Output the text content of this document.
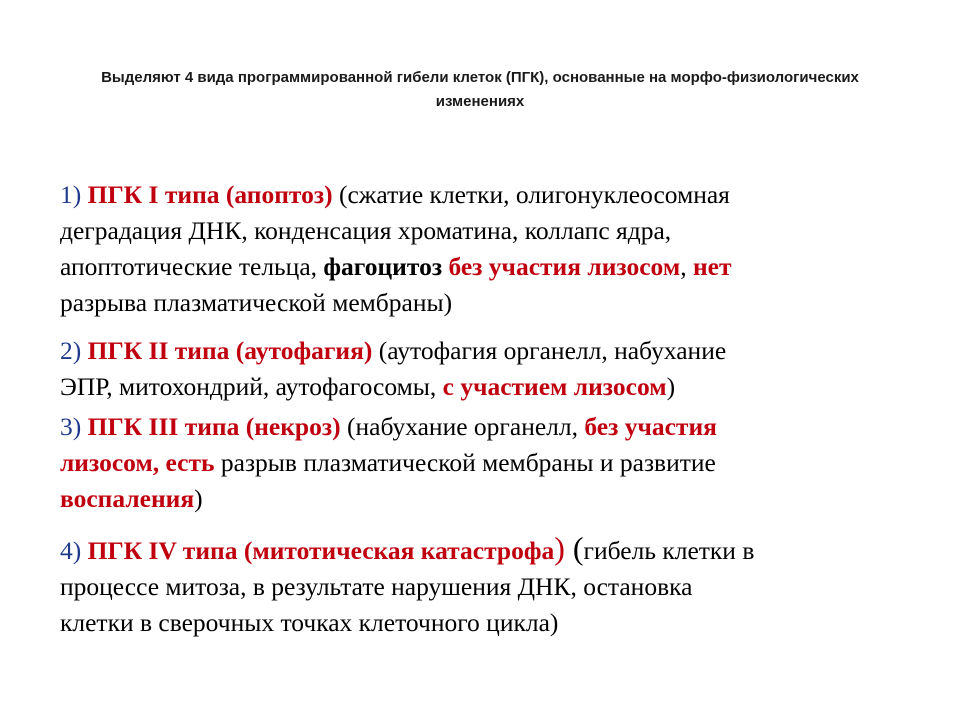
Выделяют 4 вида программированной гибели клеток (ПГК), основанные на морфо-физиологических изменениях
1) ПГК I типа (апоптоз) (сжатие клетки, олигонуклеосомная
деградация ДНК, конденсация хроматина, коллапс ядра,
апоптотические тельца, фагоцитоз без участия лизосом, нет
разрыва плазматической мембраны)
2) ПГК II типа (аутофагия) (аутофагия органелл, набухание
ЭПР, митохондрий, аутофагосомы, с участием лизосом)
3) ПГК III типа (некроз) (набухание органелл, без участия
лизосом, есть разрыв плазматической мембраны и развитие
воспаления)
4) ПГК IV типа (митотическая катастрофа) (гибель клетки в
процессе митоза, в результате нарушения ДНК, остановка
клетки в сверочных точках клеточного цикла)
